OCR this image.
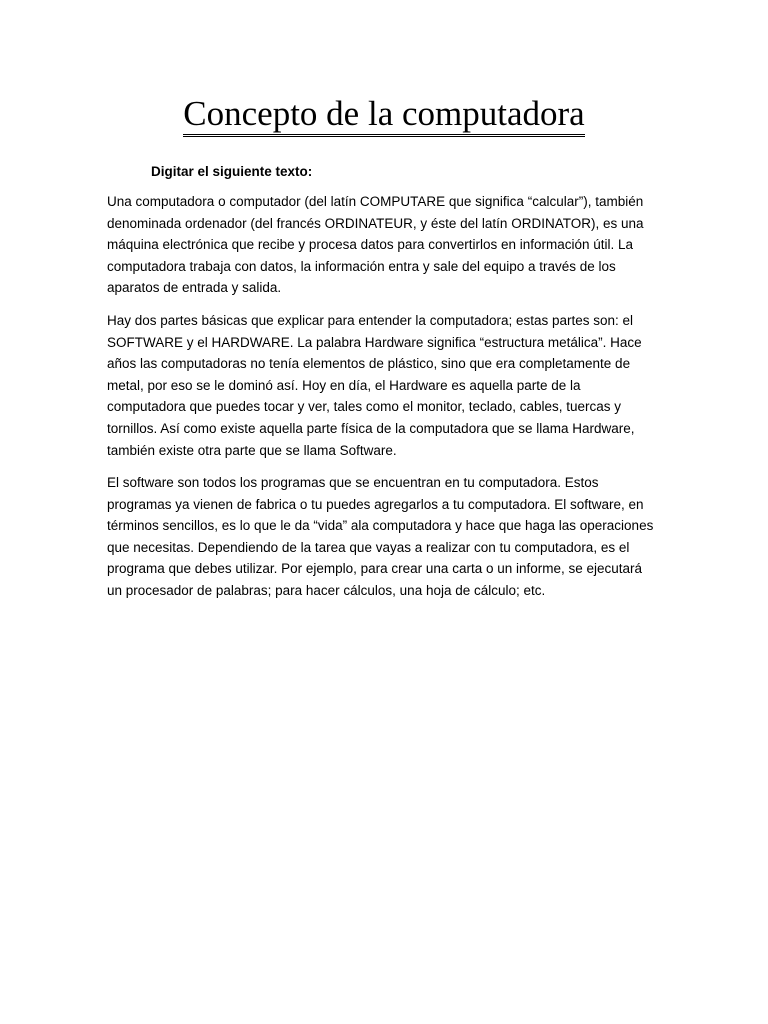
Concepto de la computadora

Digitar el siguiente texto:

Una computadora o computador (del latín COMPUTARE que significa “calcular”), también
denominada ordenador (del francés ORDINATEUR, y éste del latín ORDINATOR), es una
máquina electrónica que recibe y procesa datos para convertirlos en información útil. La
computadora trabaja con datos, la información entra y sale del equipo a través de los
aparatos de entrada y salida.

Hay dos partes básicas que explicar para entender la computadora; estas partes son: el
SOFTWARE y el HARDWARE. La palabra Hardware significa “estructura metálica”. Hace
años las computadoras no tenía elementos de plástico, sino que era completamente de
metal, por eso se le dominó así. Hoy en día, el Hardware es aquella parte de la
computadora que puedes tocar y ver, tales como el monitor, teclado, cables, tuercas y
tornillos. Así como existe aquella parte física de la computadora que se llama Hardware,
también existe otra parte que se llama Software.

El software son todos los programas que se encuentran en tu computadora. Estos
programas ya vienen de fabrica o tu puedes agregarlos a tu computadora. El software, en
términos sencillos, es lo que le da “vida” ala computadora y hace que haga las operaciones
que necesitas. Dependiendo de la tarea que vayas a realizar con tu computadora, es el
programa que debes utilizar. Por ejemplo, para crear una carta o un informe, se ejecutará
un procesador de palabras; para hacer cálculos, una hoja de cálculo; etc.
